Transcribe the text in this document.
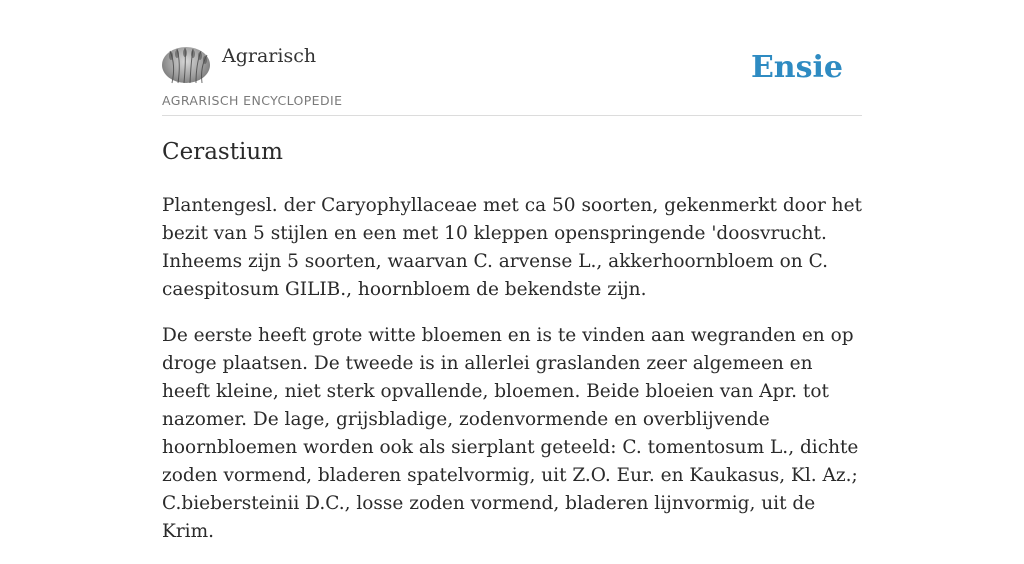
Agrarisch
AGRARISCH ENCYCLOPEDIE
Ensie
Cerastium

Plantengesl. der Caryophyllaceae met ca 50 soorten, gekenmerkt door het bezit van 5 stijlen en een met 10 kleppen openspringende 'doosvrucht. Inheems zijn 5 soorten, waarvan C. arvense L., akkerhoornbloem on C. caespitosum GILIB., hoornbloem de bekendste zijn.

De eerste heeft grote witte bloemen en is te vinden aan wegranden en op droge plaatsen. De tweede is in allerlei graslanden zeer algemeen en heeft kleine, niet sterk opvallende, bloemen. Beide bloeien van Apr. tot nazomer. De lage, grijsbladige, zodenvormende en overblijvende hoornbloemen worden ook als sierplant geteeld: C. tomentosum L., dichte zoden vormend, bladeren spatelvormig, uit Z.O. Eur. en Kaukasus, Kl. Az.; C.biebersteinii D.C., losse zoden vormend, bladeren lijnvormig, uit de Krim.
